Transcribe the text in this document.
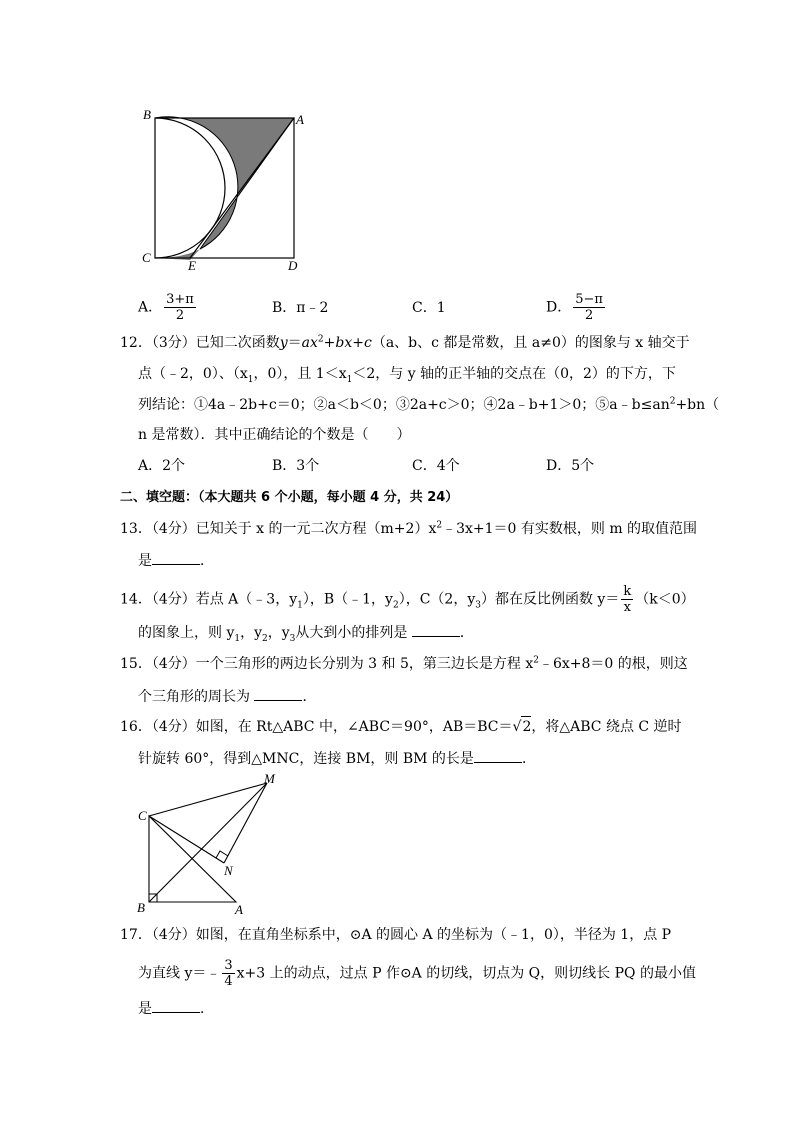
B	A
C
E	D
A． $\frac{3+\pi}{2}$	B．π﹣2	C．1	D． $\frac{5-\pi}{2}$
12．（3分）已知二次函数$y=ax^2+bx+c(a$、b、c 都是常数，且 a≠0）的图象与 x 轴交于
点（﹣2，0）、（$x_1$，0），且 $1<x_1<2$，与 y 轴的正半轴的交点在（0，2）的下方，下
列结论：①4a﹣2b+c＝0；②a＜b＜0；③2a+c＞0；④2a﹣b+1＞0；$⑤a﹣b\le an^2+bn$（
n 是常数）．其中正确结论的个数是（　　）
A．2个	B．3个	C．4个	D．5个
二、填空题：（本大题共 6 个小题，每小题 4 分，共 24）
13．（4分）已知关于 x 的一元二次方程$(m+2)x^2﹣3x+1=0$ 有实数根，则 m 的取值范围
是	．
14．（4分）若点 A（﹣3，$y_1$），B（﹣1，$y_2$），C（2，$y_3$）都在反比例函数 $y= \frac{k}{x} (k<0)$
的图象上，则 $y_1$，$y_2$，$y_3$从大到小的排列是	．
15．（4分）一个三角形的两边长分别为 3 和 5，第三边长是方程 $x^2﹣6x+8=0$ 的根，则这
个三角形的周长为	．
16．（4分）如图，在 Rt△ABC 中，∠ABC＝90°，AB＝BC＝√2，将△ABC 绕点 C 逆时
针旋转 60°，得到△MNC，连接 BM，则 BM 的长是	．
M
C
N
B	A
17．（4分）如图，在直角坐标系中，⊙A 的圆心 A 的坐标为（﹣1，0），半径为 1，点 P
为直线 y＝﹣ $\frac{3}{4} x+3$ 上的动点，过点 P 作⊙A 的切线，切点为 Q，则切线长 PQ 的最小值
是	．
